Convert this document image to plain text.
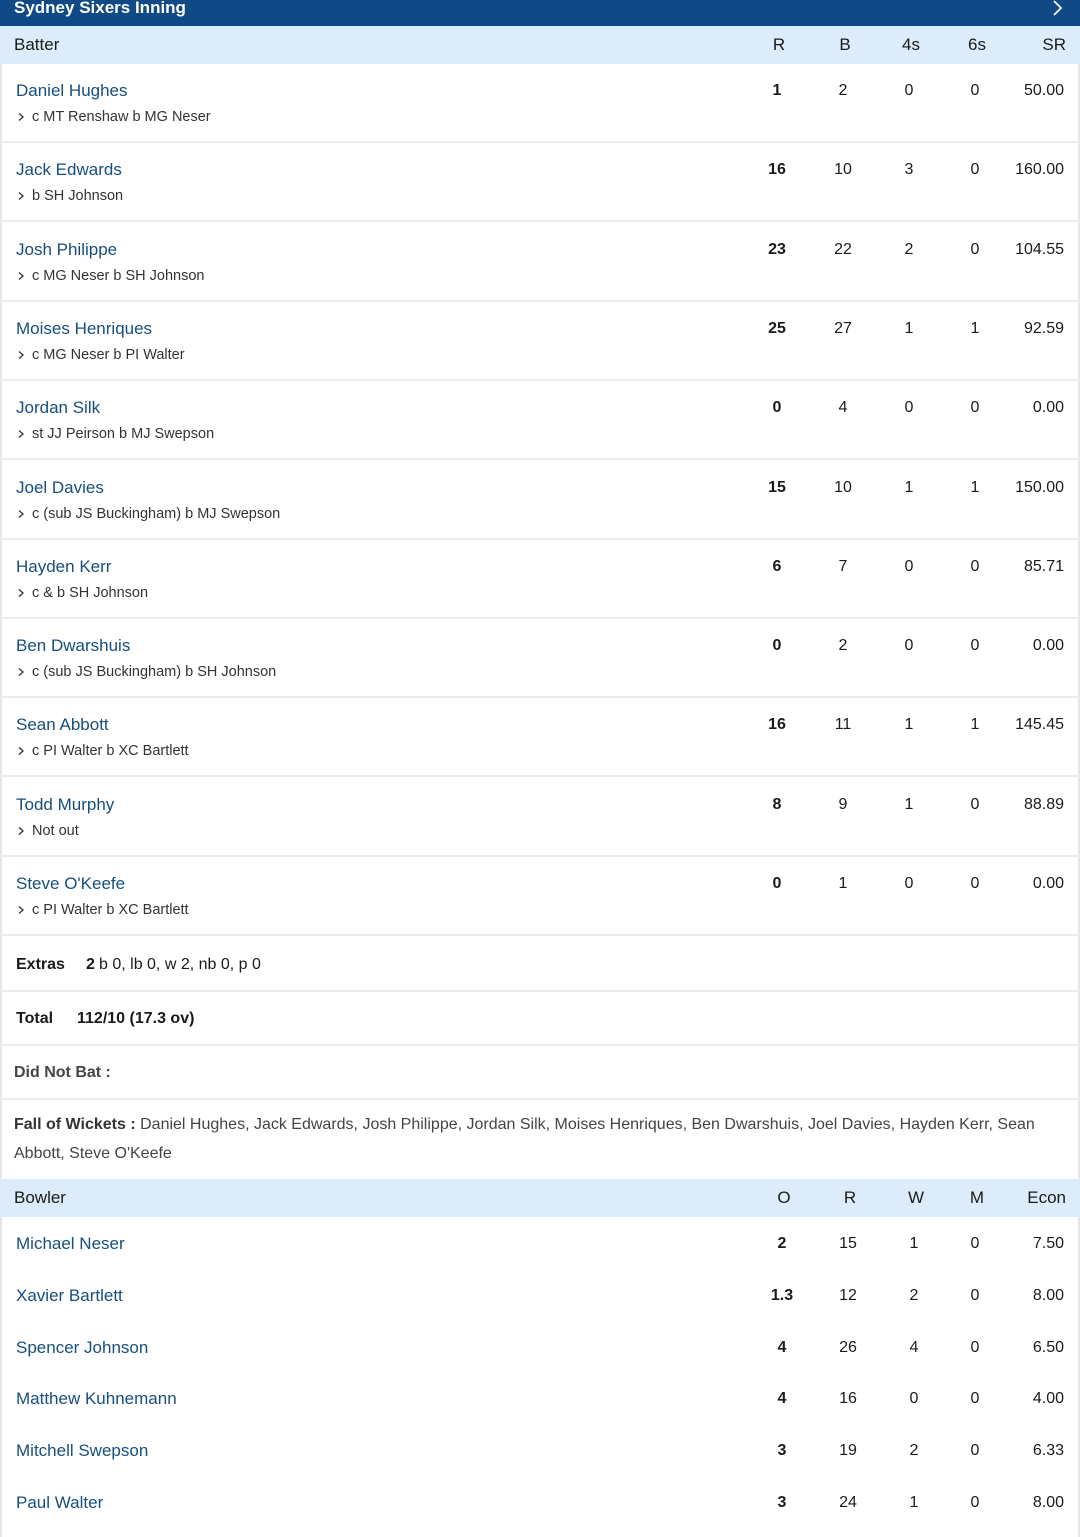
Sydney Sixers Inning
Batter	R	B	4s	6s	SR
Daniel Hughes
c MT Renshaw b MG Neser
1	2	0	0	50.00
Jack Edwards
b SH Johnson
16	10	3	0	160.00
Josh Philippe
c MG Neser b SH Johnson
23	22	2	0	104.55
Moises Henriques
c MG Neser b PI Walter
25	27	1	1	92.59
Jordan Silk
st JJ Peirson b MJ Swepson
0	4	0	0	0.00
Joel Davies
c (sub JS Buckingham) b MJ Swepson
15	10	1	1	150.00
Hayden Kerr
c & b SH Johnson
6	7	0	0	85.71
Ben Dwarshuis
c (sub JS Buckingham) b SH Johnson
0	2	0	0	0.00
Sean Abbott
c PI Walter b XC Bartlett
16	11	1	1	145.45
Todd Murphy
Not out
8	9	1	0	88.89
Steve O'Keefe
c PI Walter b XC Bartlett
0	1	0	0	0.00
Extras 2 b 0, lb 0, w 2, nb 0, p 0
Total 112/10 (17.3 ov)
Did Not Bat :
Fall of Wickets : Daniel Hughes, Jack Edwards, Josh Philippe, Jordan Silk, Moises Henriques, Ben Dwarshuis, Joel Davies, Hayden Kerr, Sean Abbott, Steve O'Keefe
Bowler	O	R	W	M	Econ
Michael Neser	2	15	1	0	7.50
Xavier Bartlett	1.3	12	2	0	8.00
Spencer Johnson	4	26	4	0	6.50
Matthew Kuhnemann	4	16	0	0	4.00
Mitchell Swepson	3	19	2	0	6.33
Paul Walter	3	24	1	0	8.00
